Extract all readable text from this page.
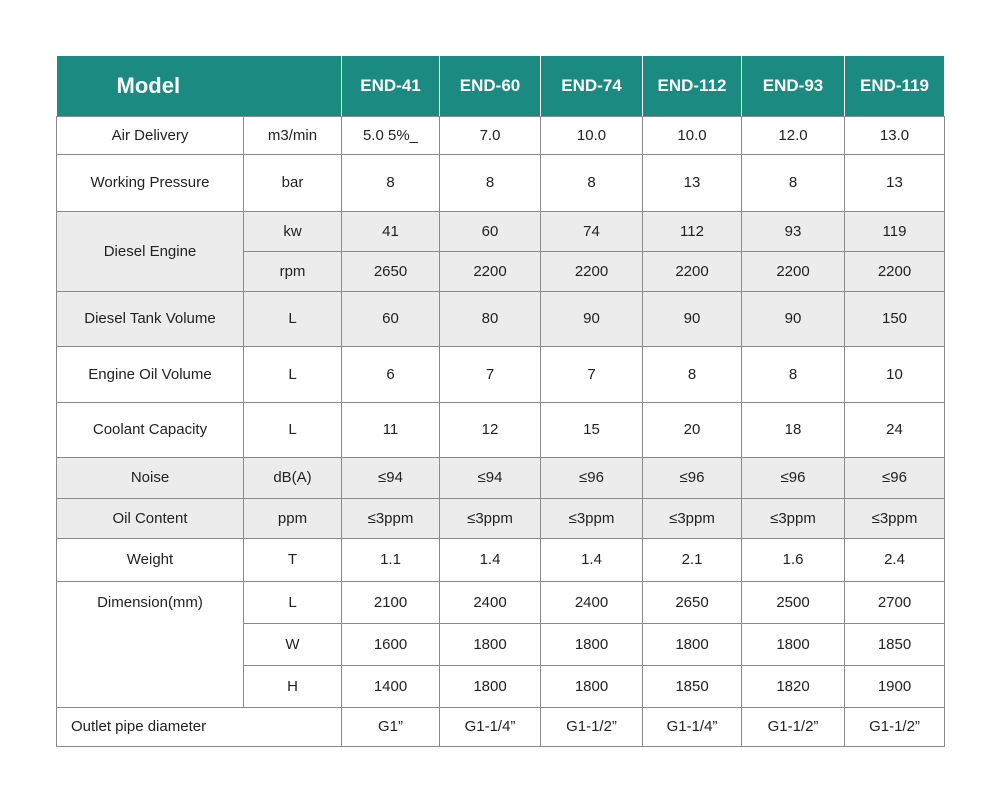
Model		END-41	END-60	END-74	END-112	END-93	END-119
Air Delivery	m3/min	5.0 5%_	7.0	10.0	10.0	12.0	13.0
Working Pressure	bar	8	8	8	13	8	13
Diesel Engine	kw	41	60	74	112	93	119
	rpm	2650	2200	2200	2200	2200	2200
Diesel Tank Volume	L	60	80	90	90	90	150
Engine Oil Volume	L	6	7	7	8	8	10
Coolant Capacity	L	11	12	15	20	18	24
Noise	dB(A)	≤94	≤94	≤96	≤96	≤96	≤96
Oil Content	ppm	≤3ppm	≤3ppm	≤3ppm	≤3ppm	≤3ppm	≤3ppm
Weight	T	1.1	1.4	1.4	2.1	1.6	2.4
Dimension(mm)	L	2100	2400	2400	2650	2500	2700
	W	1600	1800	1800	1800	1800	1850
	H	1400	1800	1800	1850	1820	1900
Outlet pipe diameter		G1”	G1-1/4”	G1-1/2”	G1-1/4”	G1-1/2”	G1-1/2”
